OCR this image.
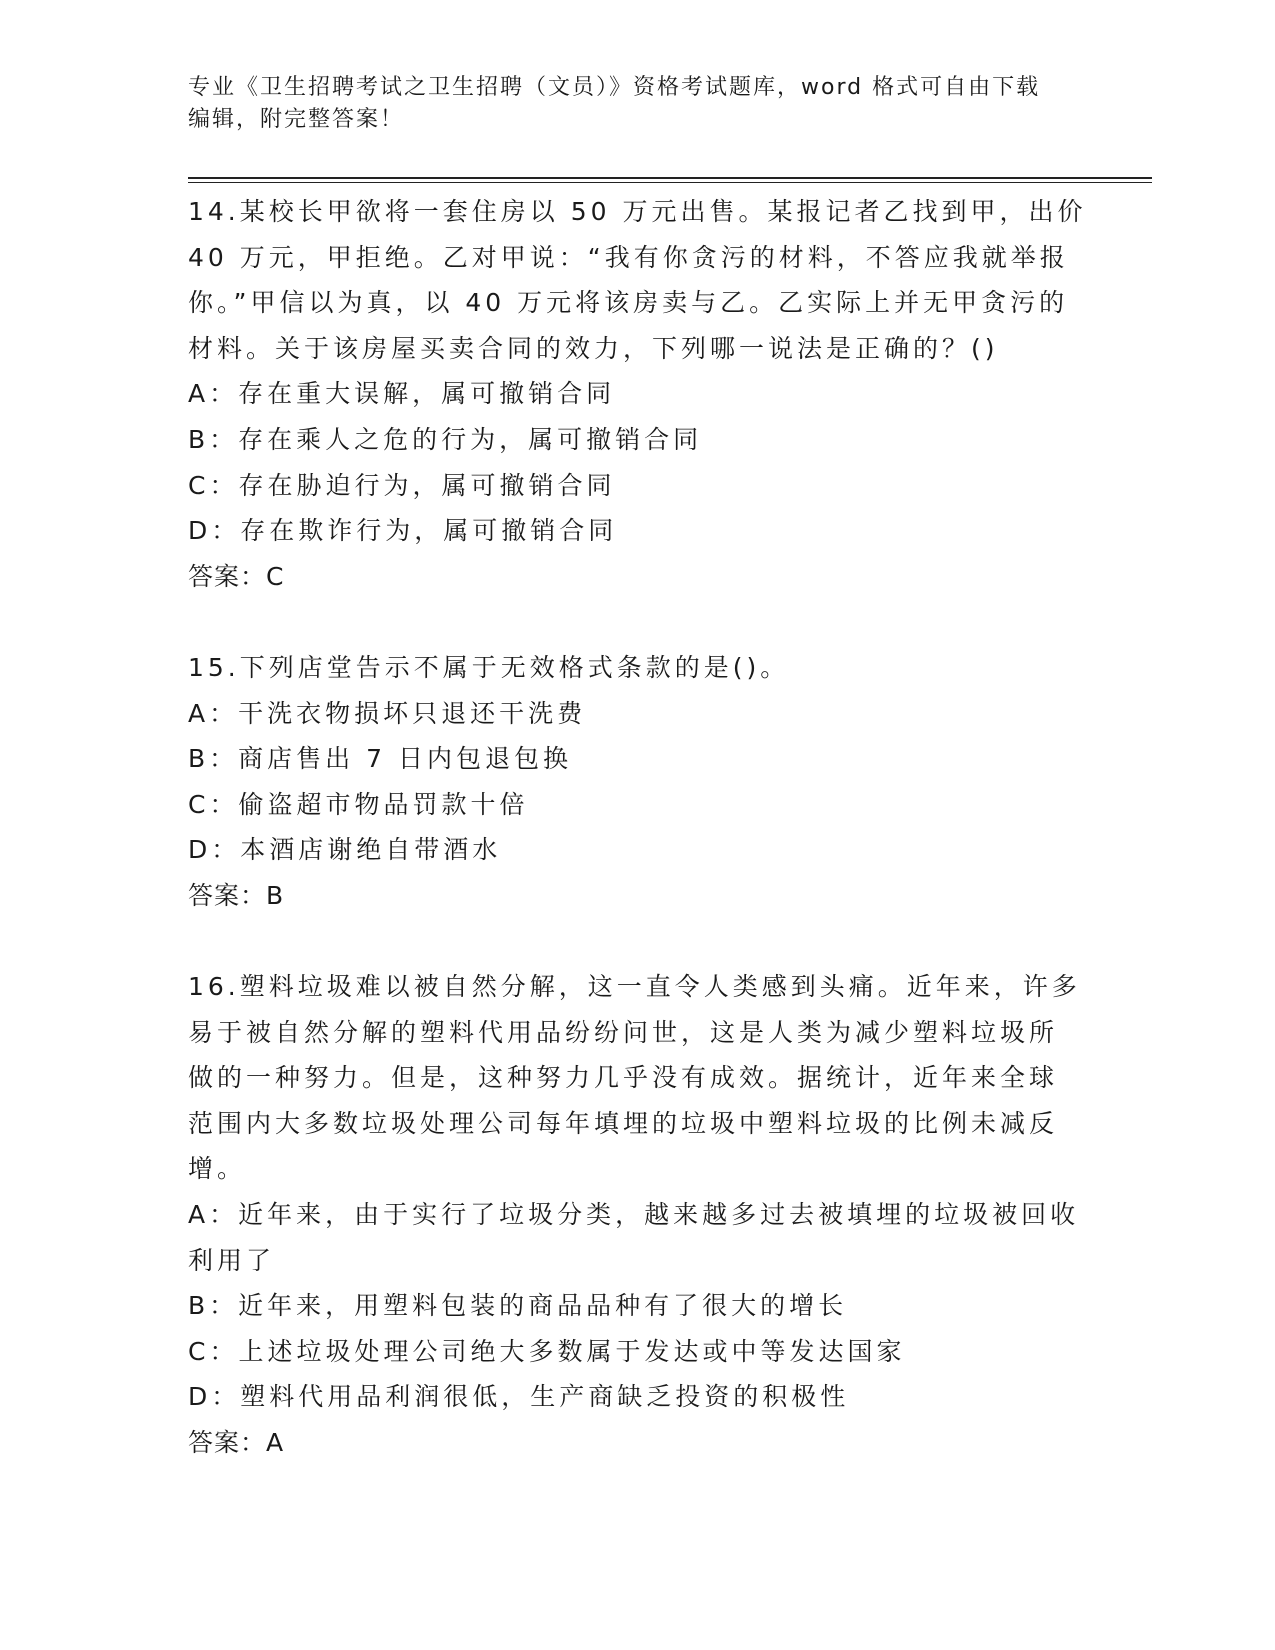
专业《卫生招聘考试之卫生招聘（文员）》资格考试题库，word 格式可自由下载
编辑，附完整答案！
14.某校长甲欲将一套住房以 50 万元出售。某报记者乙找到甲，出价
40 万元，甲拒绝。乙对甲说：“我有你贪污的材料，不答应我就举报
你。”甲信以为真，以 40 万元将该房卖与乙。乙实际上并无甲贪污的
材料。关于该房屋买卖合同的效力，下列哪一说法是正确的？()
A：存在重大误解，属可撤销合同
B：存在乘人之危的行为，属可撤销合同
C：存在胁迫行为，属可撤销合同
D：存在欺诈行为，属可撤销合同
答案：C
15.下列店堂告示不属于无效格式条款的是()。
A：干洗衣物损坏只退还干洗费
B：商店售出 7 日内包退包换
C：偷盗超市物品罚款十倍
D：本酒店谢绝自带酒水
答案：B
16.塑料垃圾难以被自然分解，这一直令人类感到头痛。近年来，许多
易于被自然分解的塑料代用品纷纷问世，这是人类为减少塑料垃圾所
做的一种努力。但是，这种努力几乎没有成效。据统计，近年来全球
范围内大多数垃圾处理公司每年填埋的垃圾中塑料垃圾的比例未减反
增。
A：近年来，由于实行了垃圾分类，越来越多过去被填埋的垃圾被回收
利用了
B：近年来，用塑料包装的商品品种有了很大的增长
C：上述垃圾处理公司绝大多数属于发达或中等发达国家
D：塑料代用品利润很低，生产商缺乏投资的积极性
答案：A
